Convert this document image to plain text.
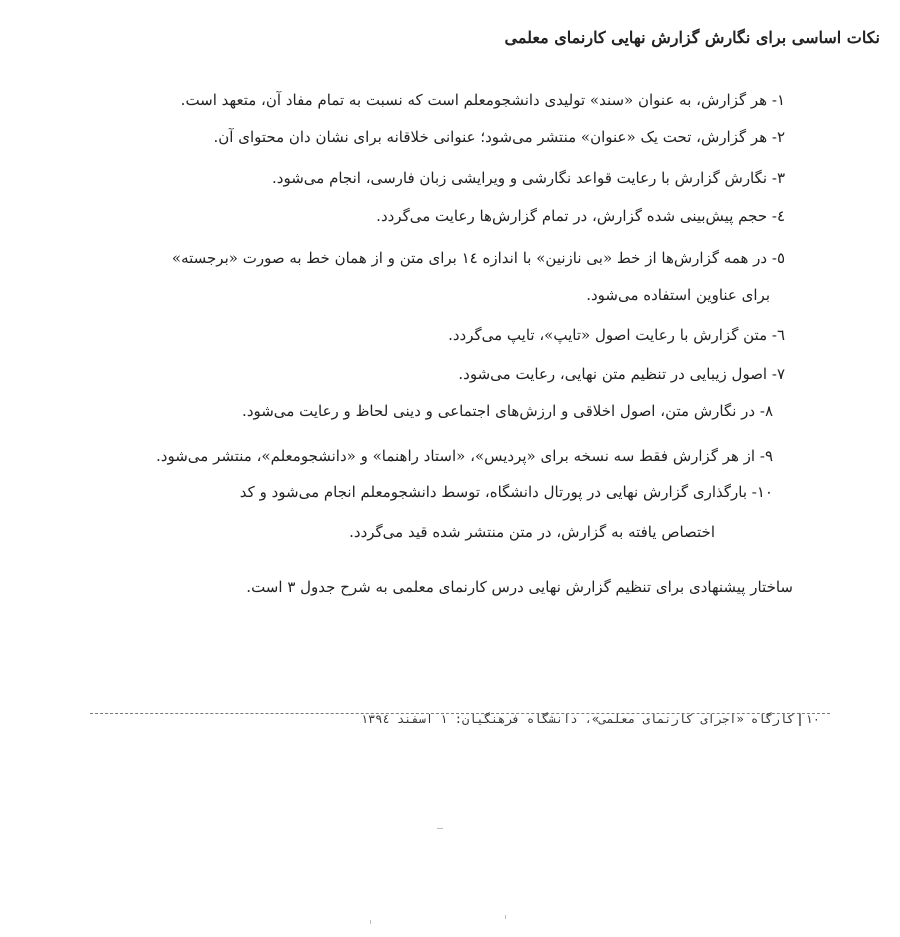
نکات اساسی برای نگارش گزارش نهایی کارنمای معلمی
۱- هر گزارش، به عنوان «سند» تولیدی دانشجومعلم است که نسبت به تمام مفاد آن، متعهد است.
۲- هر گزارش، تحت یک «عنوان» منتشر می‌شود؛ عنوانی خلاقانه برای نشان دان محتوای آن.
۳- نگارش گزارش با رعایت قواعد نگارشی و ویرایشی زبان فارسی، انجام می‌شود.
٤- حجم پیش‌بینی شده گزارش، در تمام گزارش‌ها رعایت می‌گردد.
٥- در همه گزارش‌ها از خط «بی نازنین» با اندازه ١٤ برای متن و از همان خط به صورت «برجسته»
برای عناوین استفاده می‌شود.
٦- متن گزارش با رعایت اصول «تایپ»، تایپ می‌گردد.
۷- اصول زیبایی در تنظیم متن نهایی، رعایت می‌شود.
۸- در نگارش متن، اصول اخلاقی و ارزش‌های اجتماعی و دینی لحاظ و رعایت می‌شود.
۹- از هر گزارش فقط سه نسخه برای «پردیس»، «استاد راهنما» و «دانشجومعلم»، منتشر می‌شود.
۱۰- بارگذاری گزارش نهایی در پورتال دانشگاه، توسط دانشجومعلم انجام می‌شود و کد
اختصاص یافته به گزارش، در متن منتشر شده قید می‌گردد.
ساختار پیشنهادی برای تنظیم گزارش نهایی درس کارنمای معلمی به شرح جدول ۳ است.
۱۰|کارگاه «اجرای کارنمای معلمی»، دانشگاه فرهنگیان: ۱ اسفند ۱۳۹٤
